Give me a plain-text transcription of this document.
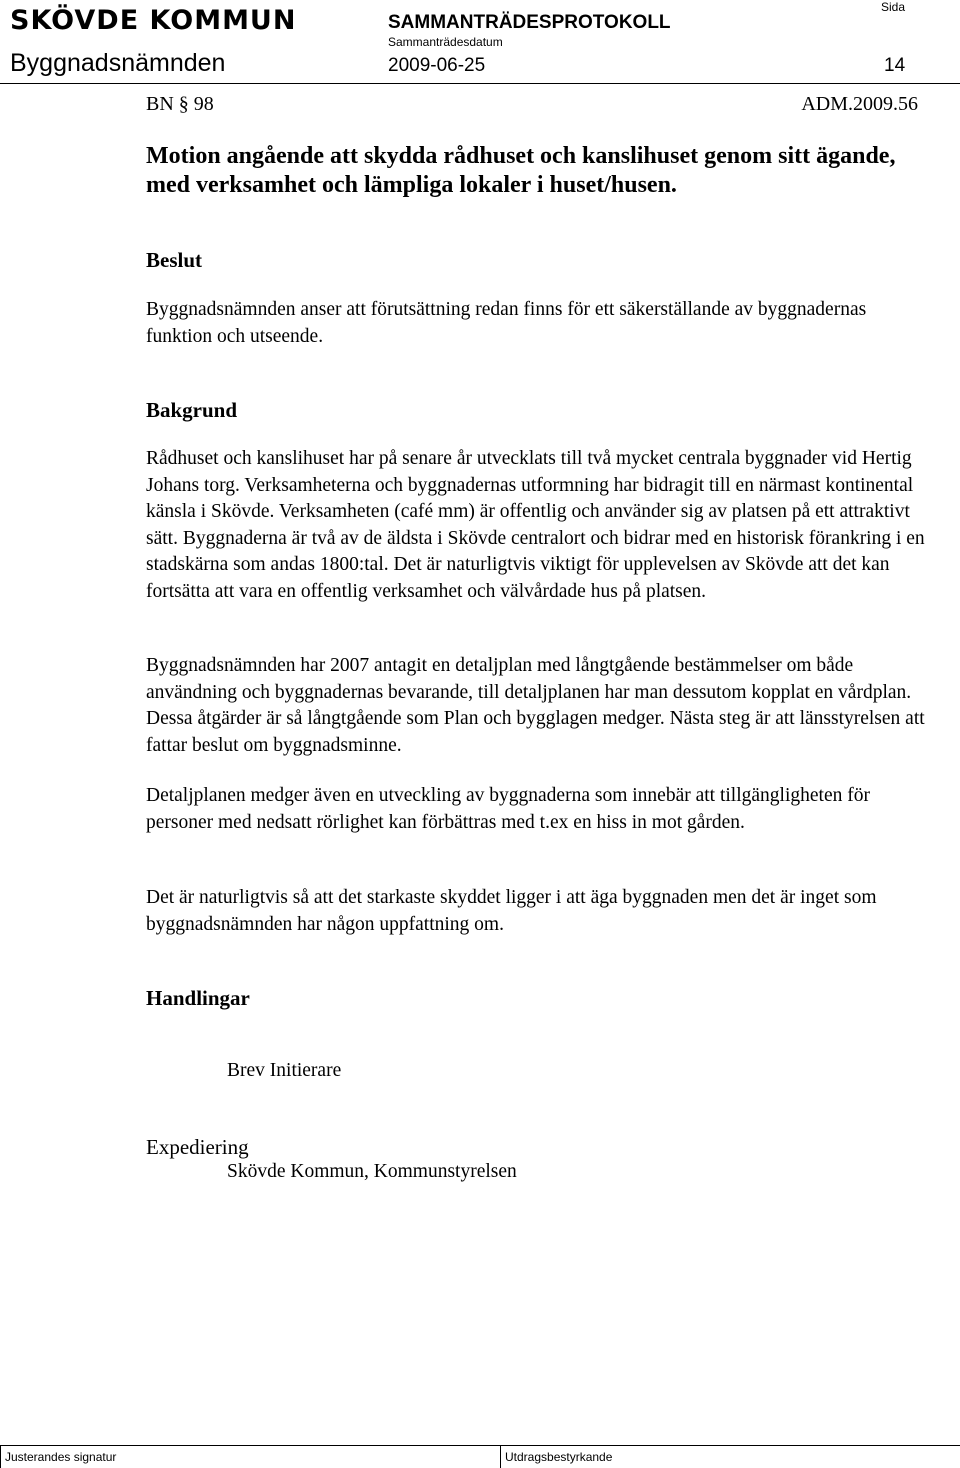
SKÖVDE KOMMUN	SAMMANTRÄDESPROTOKOLL
Sammanträdesdatum
Sida
Byggnadsnämnden	2009-06-25	14
BN § 98	ADM.2009.56
Motion angående att skydda rådhuset och kanslihuset genom sitt ägande, med verksamhet och lämpliga lokaler i huset/husen.
Beslut
Byggnadsnämnden anser att förutsättning redan finns för ett säkerställande av byggnadernas funktion och utseende.
Bakgrund
Rådhuset och kanslihuset har på senare år utvecklats till två mycket centrala byggnader vid Hertig Johans torg. Verksamheterna och byggnadernas utformning har bidragit till en närmast kontinental känsla i Skövde. Verksamheten (café mm) är offentlig och använder sig av platsen på ett attraktivt sätt. Byggnaderna är två av de äldsta i Skövde centralort och bidrar med en historisk förankring i en stadskärna som andas 1800:tal. Det är naturligtvis viktigt för upplevelsen av Skövde att det kan fortsätta att vara en offentlig verksamhet och välvårdade hus på platsen.
Byggnadsnämnden har 2007 antagit en detaljplan med långtgående bestämmelser om både användning och byggnadernas bevarande, till detaljplanen har man dessutom kopplat en vårdplan. Dessa åtgärder är så långtgående som Plan och bygglagen medger. Nästa steg är att länsstyrelsen att fattar beslut om byggnadsminne.
Detaljplanen medger även en utveckling av byggnaderna som innebär att tillgängligheten för personer med nedsatt rörlighet kan förbättras med t.ex en hiss in mot gården.
Det är naturligtvis så att det starkaste skyddet ligger i att äga byggnaden men det är inget som byggnadsnämnden har någon uppfattning om.
Handlingar
Brev Initierare
Expediering
Skövde Kommun, Kommunstyrelsen
Justerandes signatur	Utdragsbestyrkande
